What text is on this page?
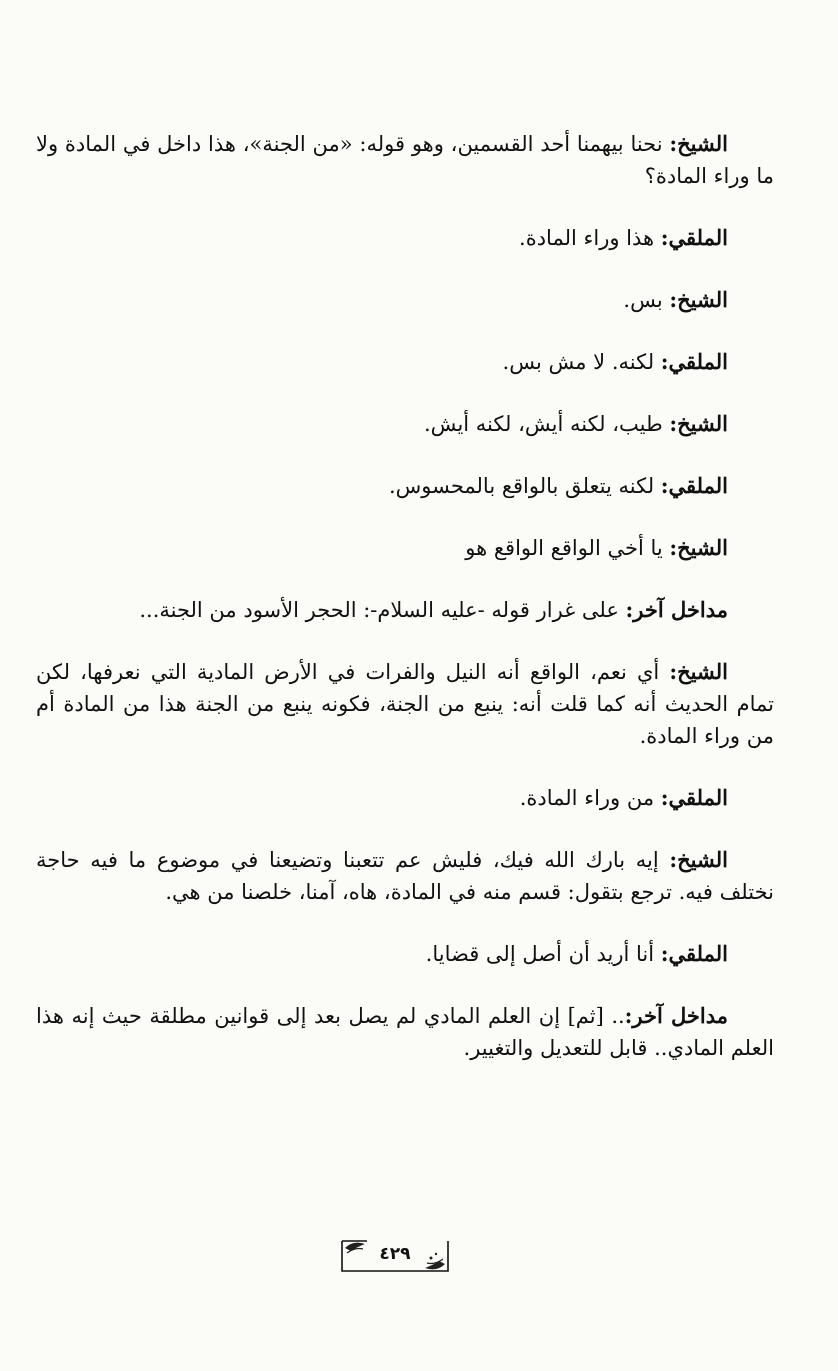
الشيخ: نحنا بيهمنا أحد القسمين، وهو قوله: «من الجنة»، هذا داخل في المادة ولا ما وراء المادة؟

الملقي: هذا وراء المادة.

الشيخ: بس.

الملقي: لكنه. لا مش بس.

الشيخ: طيب، لكنه أيش، لكنه أيش.

الملقي: لكنه يتعلق بالواقع بالمحسوس.

الشيخ: يا أخي الواقع الواقع هو

مداخل آخر: على غرار قوله -عليه السلام-: الحجر الأسود من الجنة...

الشيخ: أي نعم، الواقع أنه النيل والفرات في الأرض المادية التي نعرفها، لكن تمام الحديث أنه كما قلت أنه: ينبع من الجنة، فكونه ينبع من الجنة هذا من المادة أم من وراء المادة.

الملقي: من وراء المادة.

الشيخ: إيه بارك الله فيك، فليش عم تتعبنا وتضيعنا في موضوع ما فيه حاجة نختلف فيه. ترجع بتقول: قسم منه في المادة، هاه، آمنا، خلصنا من هي.

الملقي: أنا أريد أن أصل إلى قضايا.

مداخل آخر:.. [ثم] إن العلم المادي لم يصل بعد إلى قوانين مطلقة حيث إنه هذا العلم المادي.. قابل للتعديل والتغيير.

٤٢٩
